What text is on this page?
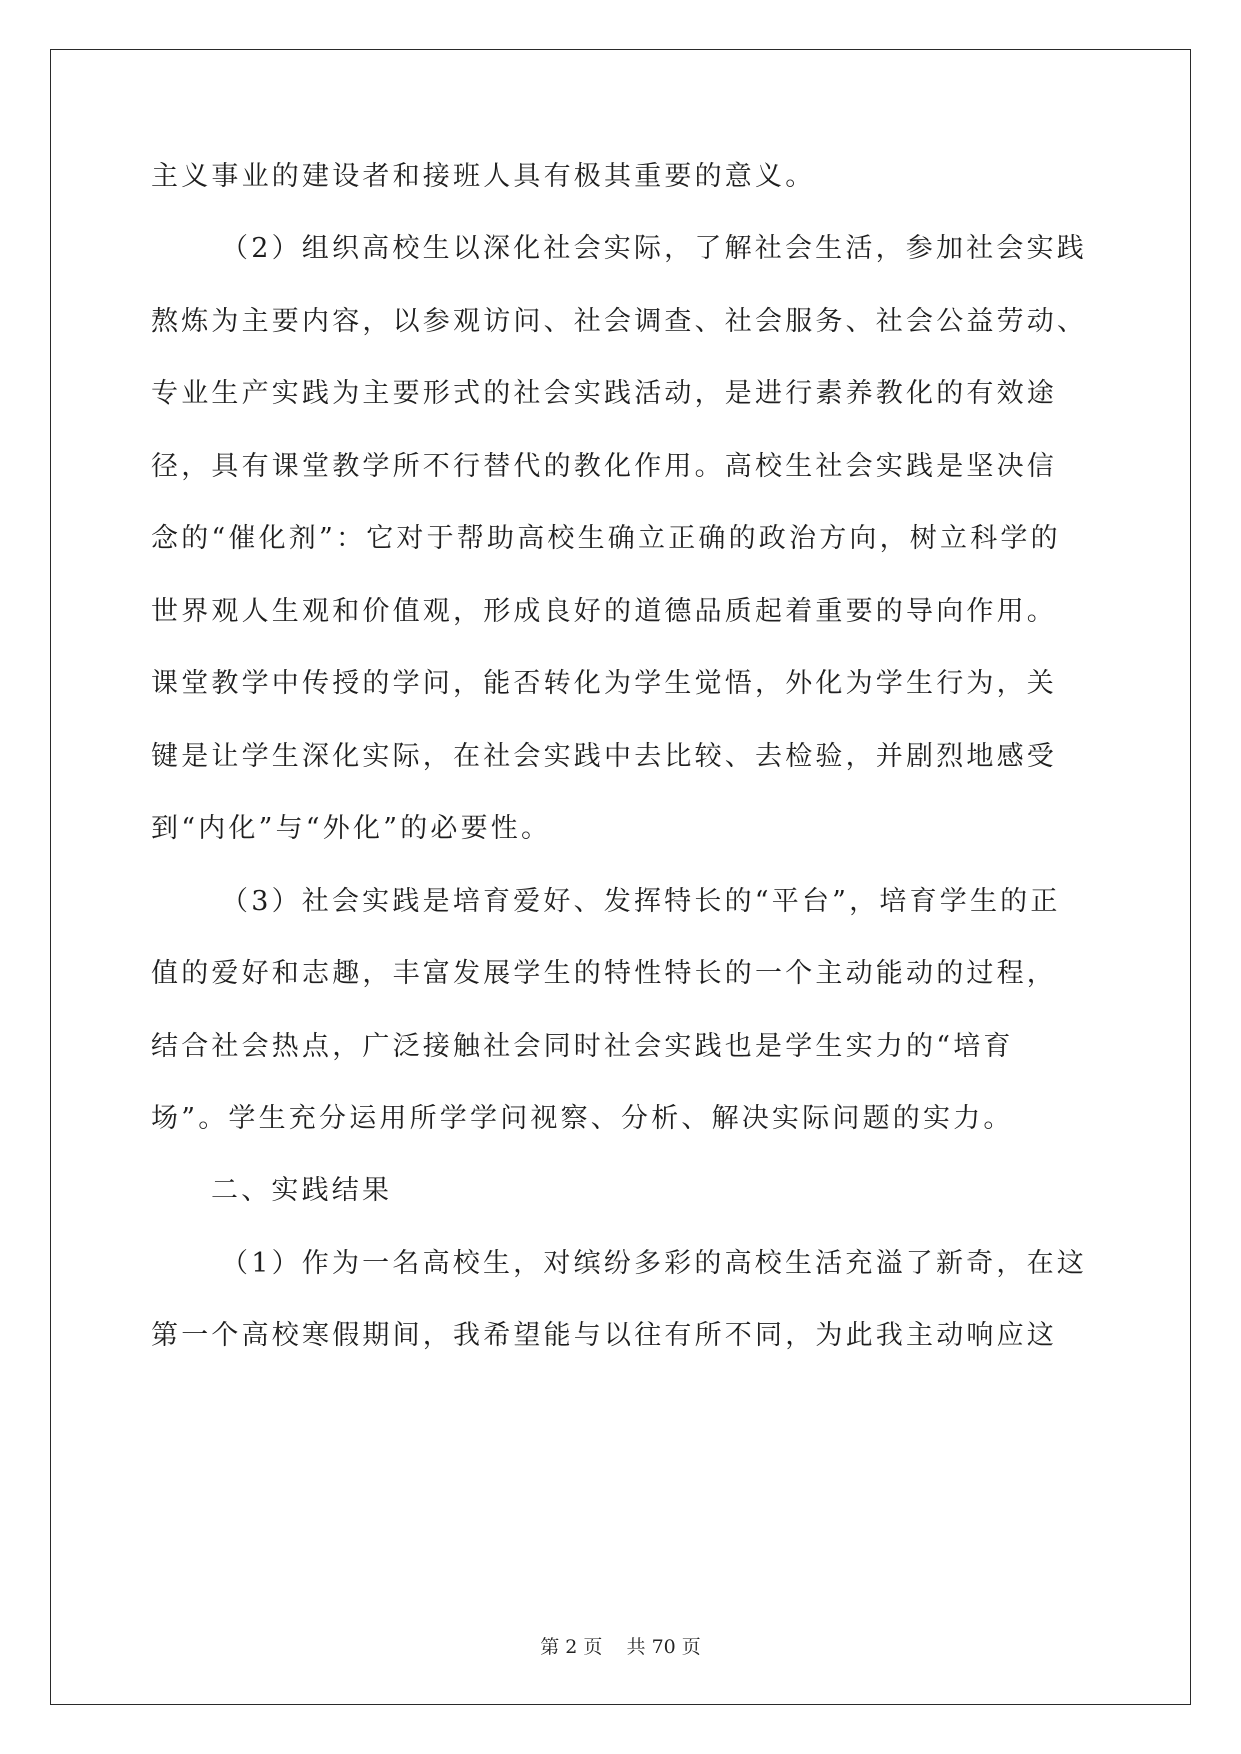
主义事业的建设者和接班人具有极其重要的意义。
（2）组织高校生以深化社会实际，了解社会生活，参加社会实践
熬炼为主要内容，以参观访问、社会调查、社会服务、社会公益劳动、
专业生产实践为主要形式的社会实践活动，是进行素养教化的有效途
径，具有课堂教学所不行替代的教化作用。高校生社会实践是坚决信
念的“催化剂”：它对于帮助高校生确立正确的政治方向，树立科学的
世界观人生观和价值观，形成良好的道德品质起着重要的导向作用。
课堂教学中传授的学问，能否转化为学生觉悟，外化为学生行为，关
键是让学生深化实际，在社会实践中去比较、去检验，并剧烈地感受
到“内化”与“外化”的必要性。
（3）社会实践是培育爱好、发挥特长的“平台”，培育学生的正
值的爱好和志趣，丰富发展学生的特性特长的一个主动能动的过程，
结合社会热点，广泛接触社会同时社会实践也是学生实力的“培育
场”。学生充分运用所学学问视察、分析、解决实际问题的实力。
二、实践结果
（1）作为一名高校生，对缤纷多彩的高校生活充溢了新奇，在这
第一个高校寒假期间，我希望能与以往有所不同，为此我主动响应这
第 2 页 共 70 页
